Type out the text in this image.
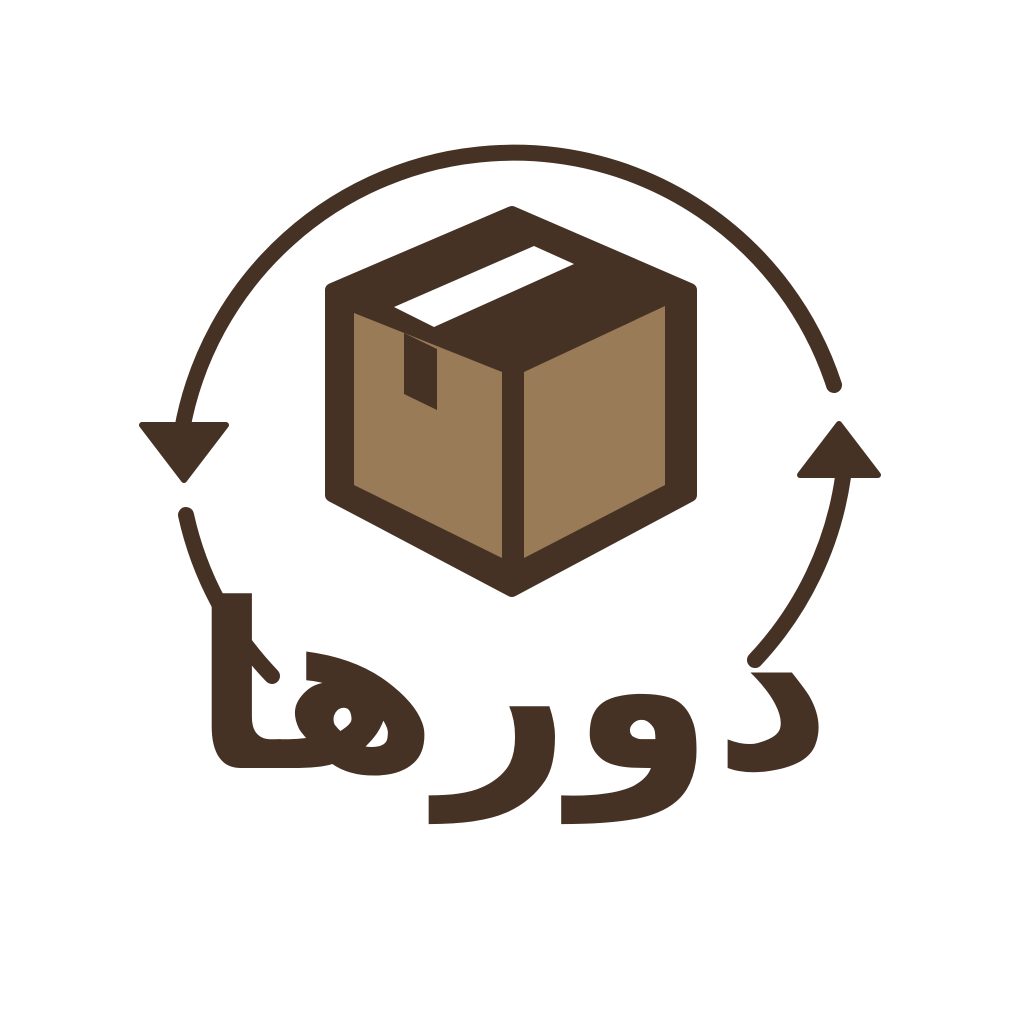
دورها
